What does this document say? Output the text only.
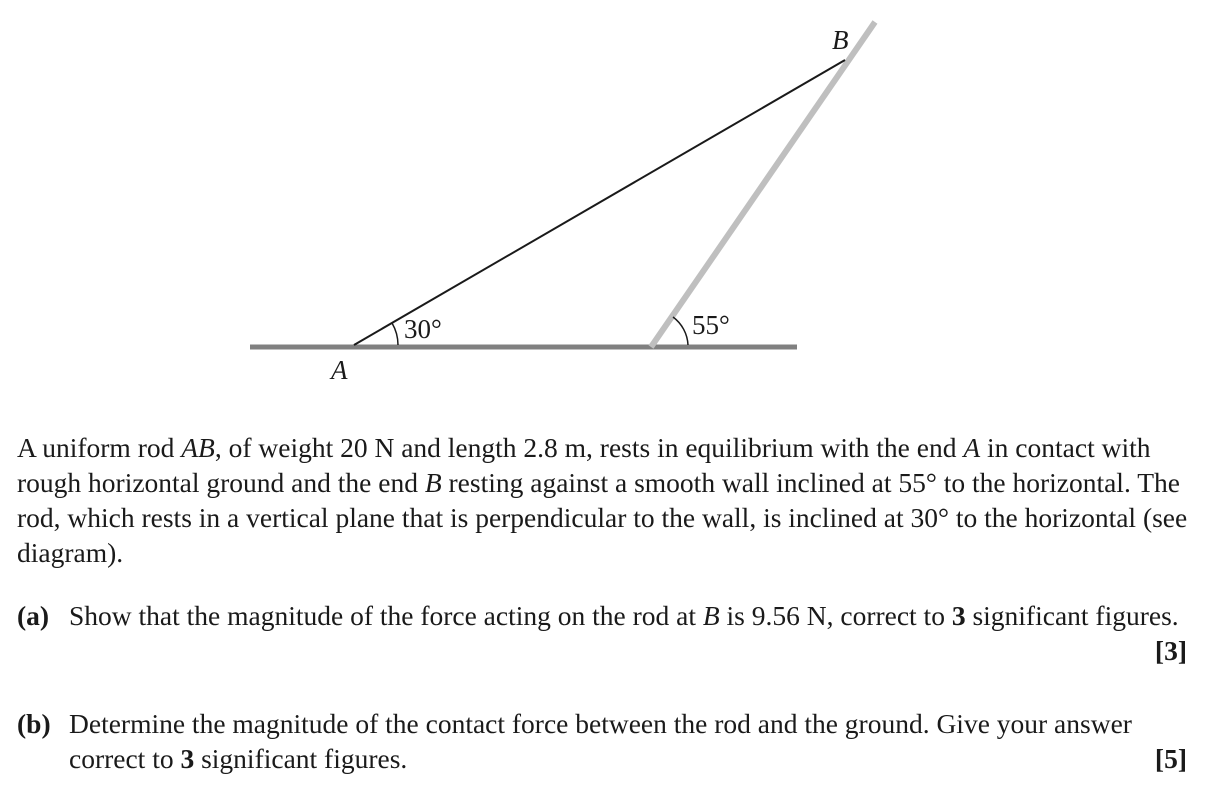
30°	55°
A
B

A uniform rod AB, of weight 20 N and length 2.8 m, rests in equilibrium with the end A in contact with rough horizontal ground and the end B resting against a smooth wall inclined at 55° to the horizontal. The rod, which rests in a vertical plane that is perpendicular to the wall, is inclined at 30° to the horizontal (see diagram).

(a) Show that the magnitude of the force acting on the rod at B is 9.56 N, correct to 3 significant figures.
[3]
(b) Determine the magnitude of the contact force between the rod and the ground. Give your answer correct to 3 significant figures.	[5]
